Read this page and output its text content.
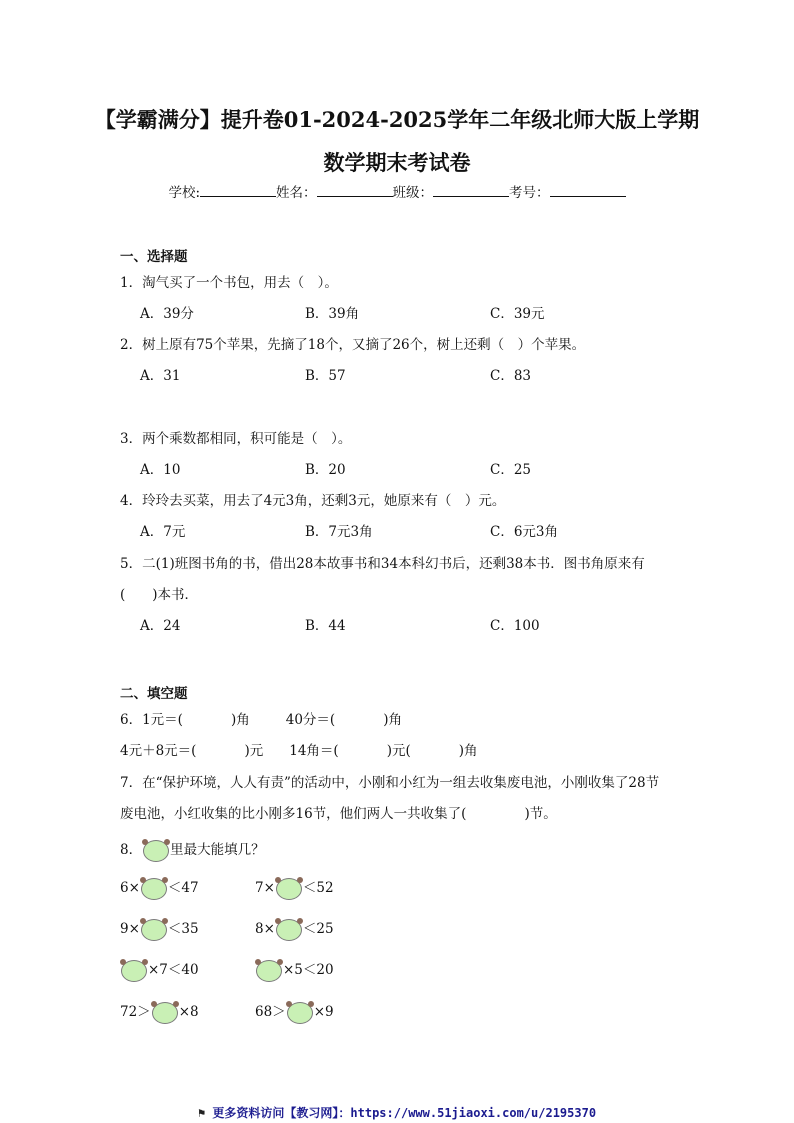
【学霸满分】提升卷01-2024-2025学年二年级北师大版上学期
数学期末考试卷
学校:	姓名：	班级：	考号：
一、选择题
1．淘气买了一个书包，用去（　）。
A．39分	B．39角	C．39元
2．树上原有75个苹果，先摘了18个，又摘了26个，树上还剩（　）个苹果。
A．31	B．57	C．83
3．两个乘数都相同，积可能是（　）。
A．10	B．20	C．25
4．玲玲去买菜，用去了4元3角，还剩3元，她原来有（　）元。
A．7元	B．7元3角	C．6元3角
5．二(1)班图书角的书，借出28本故事书和34本科幻书后，还剩38本书．图书角原来有
(　　)本书．
A．24	B．44	C．100
二、填空题
6．1元＝(	)角	40分＝(	)角
4元＋8元＝(	)元 14角＝(	)元(	)角
7．在“保护环境，人人有责”的活动中，小刚和小红为一组去收集废电池，小刚收集了28节
废电池，小红收集的比小刚多16节，他们两人一共收集了(	)节。
8． 里最大能填几？
6× ＜47	7× ＜52
9× ＜35	8× ＜25
×7＜40	×5＜20
72＞ ×8	68＞ ×9
⚑ 更多资料访问【教习网】：https://www.51jiaoxi.com/u/2195370
